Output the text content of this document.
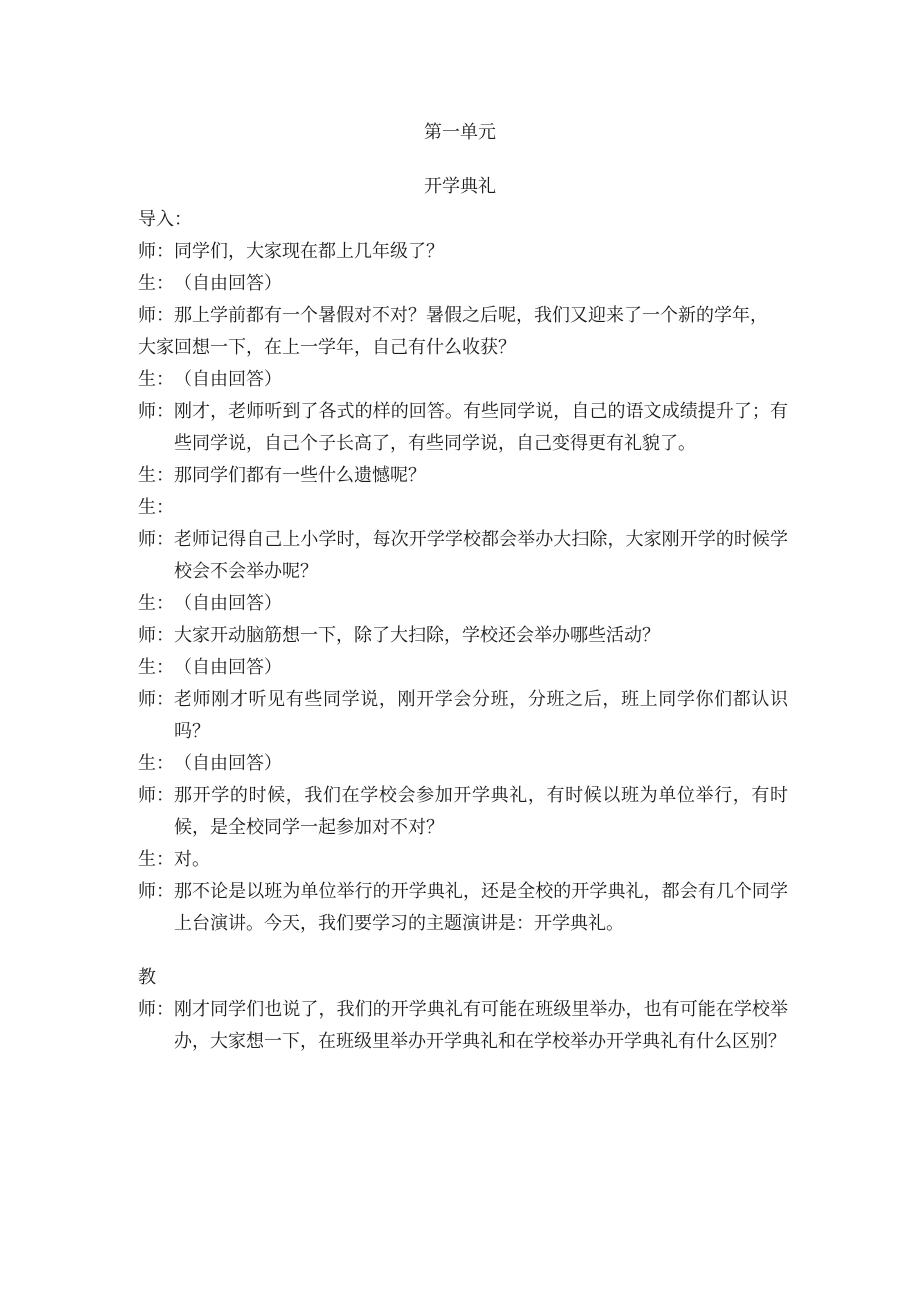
第一单元
开学典礼
导入：
师： 同学们，大家现在都上几年级了？
生： （自由回答）
师： 那上学前都有一个暑假对不对？暑假之后呢，我们又迎来了一个新的学年，
大家回想一下，在上一学年，自己有什么收获？
生： （自由回答）
师： 刚才，老师听到了各式的样的回答。有些同学说，自己的语文成绩提升了；有些同学说，自己个子长高了，有些同学说，自己变得更有礼貌了。
生： 那同学们都有一些什么遗憾呢？
生：
师： 老师记得自己上小学时，每次开学学校都会举办大扫除，大家刚开学的时候学校会不会举办呢？
生： （自由回答）
师： 大家开动脑筋想一下，除了大扫除，学校还会举办哪些活动？
生： （自由回答）
师： 老师刚才听见有些同学说，刚开学会分班，分班之后，班上同学你们都认识吗？
生： （自由回答）
师： 那开学的时候，我们在学校会参加开学典礼，有时候以班为单位举行，有时候，是全校同学一起参加对不对？
生： 对。
师： 那不论是以班为单位举行的开学典礼，还是全校的开学典礼，都会有几个同学上台演讲。今天，我们要学习的主题演讲是：开学典礼。
教
师： 刚才同学们也说了，我们的开学典礼有可能在班级里举办，也有可能在学校举办，大家想一下，在班级里举办开学典礼和在学校举办开学典礼有什么区别？
